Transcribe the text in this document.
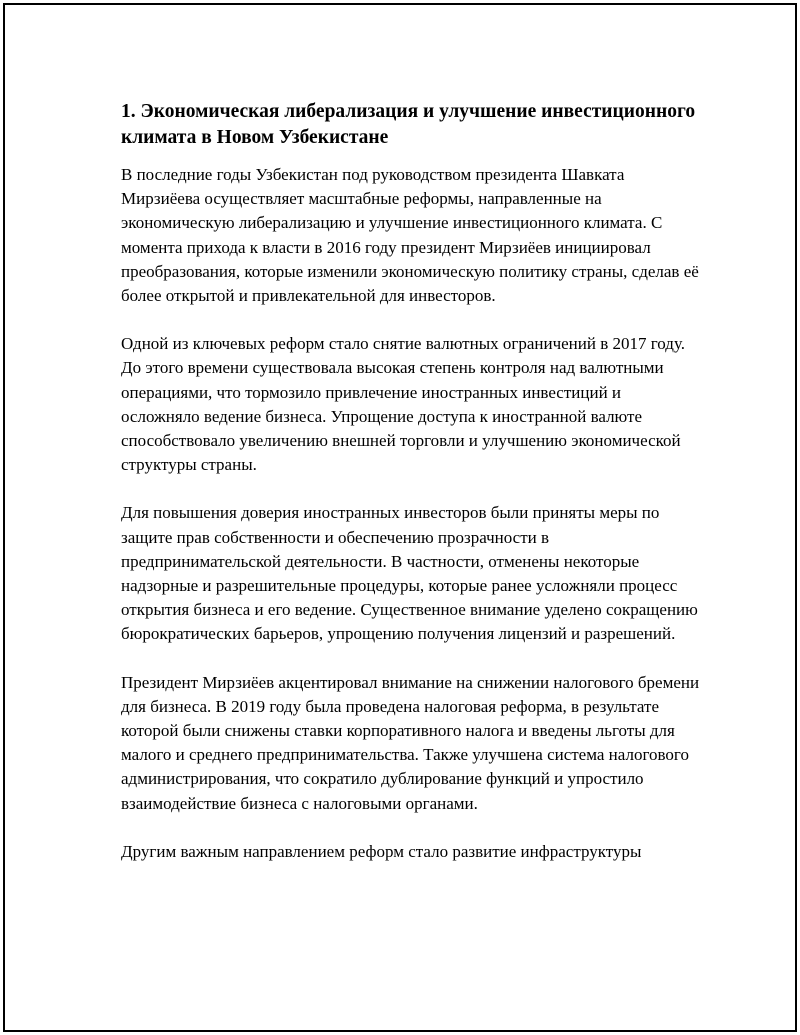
1. Экономическая либерализация и улучшение инвестиционного климата в Новом Узбекистане

В последние годы Узбекистан под руководством президента Шавката Мирзиёева осуществляет масштабные реформы, направленные на экономическую либерализацию и улучшение инвестиционного климата. С момента прихода к власти в 2016 году президент Мирзиёев инициировал преобразования, которые изменили экономическую политику страны, сделав её более открытой и привлекательной для инвесторов.

Одной из ключевых реформ стало снятие валютных ограничений в 2017 году. До этого времени существовала высокая степень контроля над валютными операциями, что тормозило привлечение иностранных инвестиций и осложняло ведение бизнеса. Упрощение доступа к иностранной валюте способствовало увеличению внешней торговли и улучшению экономической структуры страны.

Для повышения доверия иностранных инвесторов были приняты меры по защите прав собственности и обеспечению прозрачности в предпринимательской деятельности. В частности, отменены некоторые надзорные и разрешительные процедуры, которые ранее усложняли процесс открытия бизнеса и его ведение. Существенное внимание уделено сокращению бюрократических барьеров, упрощению получения лицензий и разрешений.

Президент Мирзиёев акцентировал внимание на снижении налогового бремени для бизнеса. В 2019 году была проведена налоговая реформа, в результате которой были снижены ставки корпоративного налога и введены льготы для малого и среднего предпринимательства. Также улучшена система налогового администрирования, что сократило дублирование функций и упростило взаимодействие бизнеса с налоговыми органами.

Другим важным направлением реформ стало развитие инфраструктуры
